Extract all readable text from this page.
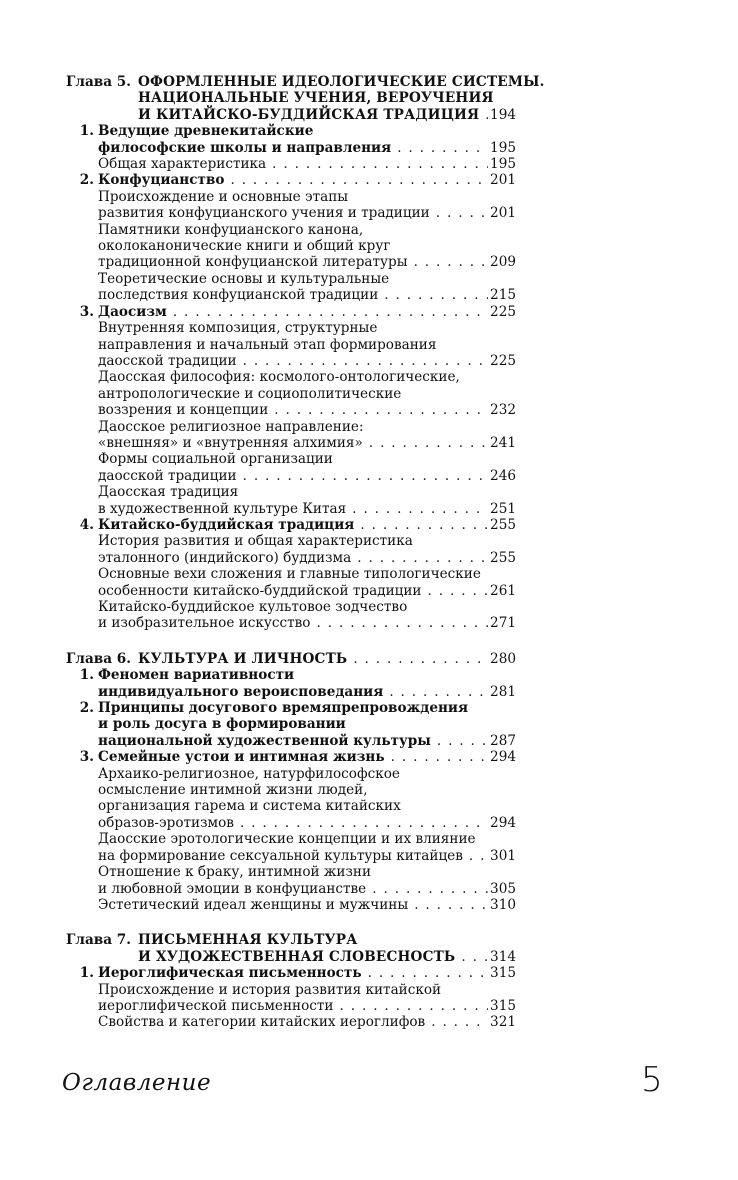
Глава 5. ОФОРМЛЕННЫЕ ИДЕОЛОГИЧЕСКИЕ СИСТЕМЫ.
НАЦИОНАЛЬНЫЕ УЧЕНИЯ, ВЕРОУЧЕНИЯ
И КИТАЙСКО-БУДДИЙСКАЯ ТРАДИЦИЯ . . . 194
1. Ведущие древнекитайские
философские школы и направления . . .	195
Общая характеристика . . .	195
2. Конфуцианство . . .	201
Происхождение и основные этапы
развития конфуцианского учения и традиции . . .	201
Памятники конфуцианского канона,
околоканонические книги и общий круг
традиционной конфуцианской литературы . . .	209
Теоретические основы и культуральные
последствия конфуцианской традиции . . .	215
3. Даосизм . . .	225
Внутренняя композиция, структурные
направления и начальный этап формирования
даосской традиции . . .	225
Даосская философия: космолого-онтологические,
антропологические и социополитические
воззрения и концепции . . .	232
Даосское религиозное направление:
«внешняя» и «внутренняя алхимия» . . .	241
Формы социальной организации
даосской традиции . . .	246
Даосская традиция
в художественной культуре Китая . . .	251
4. Китайско-буддийская традиция . . .	255
История развития и общая характеристика
эталонного (индийского) буддизма . . .	255
Основные вехи сложения и главные типологические
особенности китайско-буддийской традиции . . .	261
Китайско-буддийское культовое зодчество
и изобразительное искусство . . .	271
Глава 6. КУЛЬТУРА И ЛИЧНОСТЬ . . .	280
1. Феномен вариативности
индивидуального вероисповедания . . .	281
2. Принципы досугового времяпрепровождения
и роль досуга в формировании
национальной художественной культуры . . .	287
3. Семейные устои и интимная жизнь . . .	294
Архаико-религиозное, натурфилософское
осмысление интимной жизни людей,
организация гарема и система китайских
образов-эротизмов . . .	294
Даосские эротологические концепции и их влияние
на формирование сексуальной культуры китайцев . . . 301
Отношение к браку, интимной жизни
и любовной эмоции в конфуцианстве . . .	305
Эстетический идеал женщины и мужчины . . .	310
Глава 7. ПИСЬМЕННАЯ КУЛЬТУРА
И ХУДОЖЕСТВЕННАЯ СЛОВЕСНОСТЬ . . .	314
1. Иероглифическая письменность . . .	315
Происхождение и история развития китайской
иероглифической письменности . . .	315
Свойства и категории китайских иероглифов . . .	321
Оглавление	5
